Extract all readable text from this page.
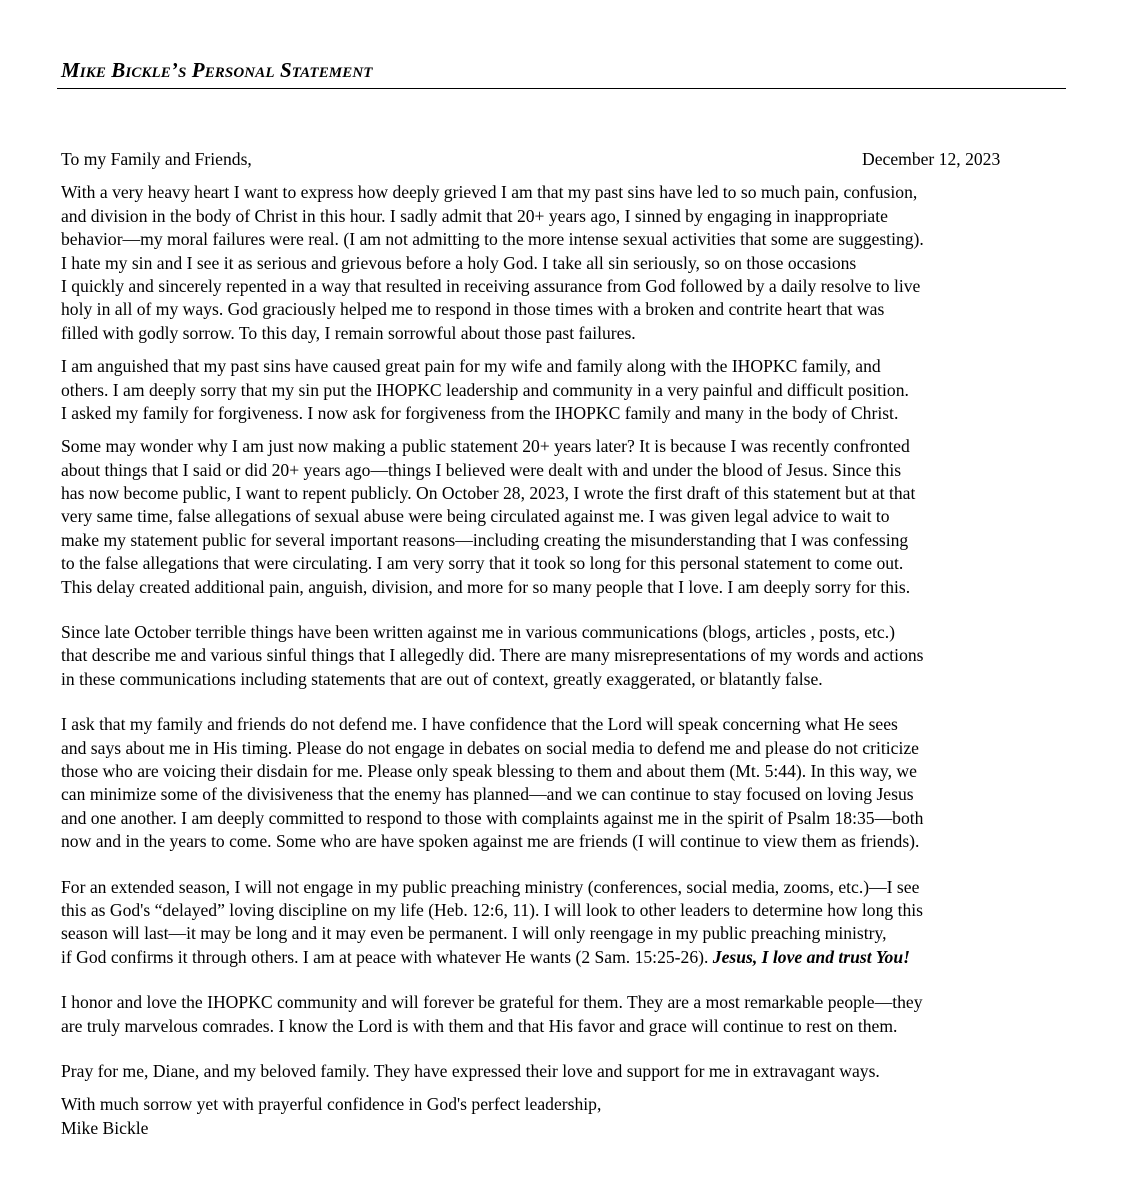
Mike Bickle’s Personal Statement
To my Family and Friends,	December 12, 2023
With a very heavy heart I want to express how deeply grieved I am that my past sins have led to so much pain, confusion,
and division in the body of Christ in this hour. I sadly admit that 20+ years ago, I sinned by engaging in inappropriate
behavior—my moral failures were real. (I am not admitting to the more intense sexual activities that some are suggesting).
I hate my sin and I see it as serious and grievous before a holy God. I take all sin seriously, so on those occasions
I quickly and sincerely repented in a way that resulted in receiving assurance from God followed by a daily resolve to live
holy in all of my ways. God graciously helped me to respond in those times with a broken and contrite heart that was
filled with godly sorrow. To this day, I remain sorrowful about those past failures.
I am anguished that my past sins have caused great pain for my wife and family along with the IHOPKC family, and
others. I am deeply sorry that my sin put the IHOPKC leadership and community in a very painful and difficult position.
I asked my family for forgiveness. I now ask for forgiveness from the IHOPKC family and many in the body of Christ.
Some may wonder why I am just now making a public statement 20+ years later? It is because I was recently confronted
about things that I said or did 20+ years ago—things I believed were dealt with and under the blood of Jesus. Since this
has now become public, I want to repent publicly. On October 28, 2023, I wrote the first draft of this statement but at that
very same time, false allegations of sexual abuse were being circulated against me. I was given legal advice to wait to
make my statement public for several important reasons—including creating the misunderstanding that I was confessing
to the false allegations that were circulating. I am very sorry that it took so long for this personal statement to come out.
This delay created additional pain, anguish, division, and more for so many people that I love. I am deeply sorry for this.
Since late October terrible things have been written against me in various communications (blogs, articles , posts, etc.)
that describe me and various sinful things that I allegedly did. There are many misrepresentations of my words and actions
in these communications including statements that are out of context, greatly exaggerated, or blatantly false.
I ask that my family and friends do not defend me. I have confidence that the Lord will speak concerning what He sees
and says about me in His timing. Please do not engage in debates on social media to defend me and please do not criticize
those who are voicing their disdain for me. Please only speak blessing to them and about them (Mt. 5:44). In this way, we
can minimize some of the divisiveness that the enemy has planned—and we can continue to stay focused on loving Jesus
and one another. I am deeply committed to respond to those with complaints against me in the spirit of Psalm 18:35—both
now and in the years to come. Some who are have spoken against me are friends (I will continue to view them as friends).
For an extended season, I will not engage in my public preaching ministry (conferences, social media, zooms, etc.)—I see
this as God's “delayed” loving discipline on my life (Heb. 12:6, 11). I will look to other leaders to determine how long this
season will last—it may be long and it may even be permanent. I will only reengage in my public preaching ministry,
if God confirms it through others. I am at peace with whatever He wants (2 Sam. 15:25-26). Jesus, I love and trust You!
I honor and love the IHOPKC community and will forever be grateful for them. They are a most remarkable people—they
are truly marvelous comrades. I know the Lord is with them and that His favor and grace will continue to rest on them.
Pray for me, Diane, and my beloved family. They have expressed their love and support for me in extravagant ways.
With much sorrow yet with prayerful confidence in God's perfect leadership,
Mike Bickle
